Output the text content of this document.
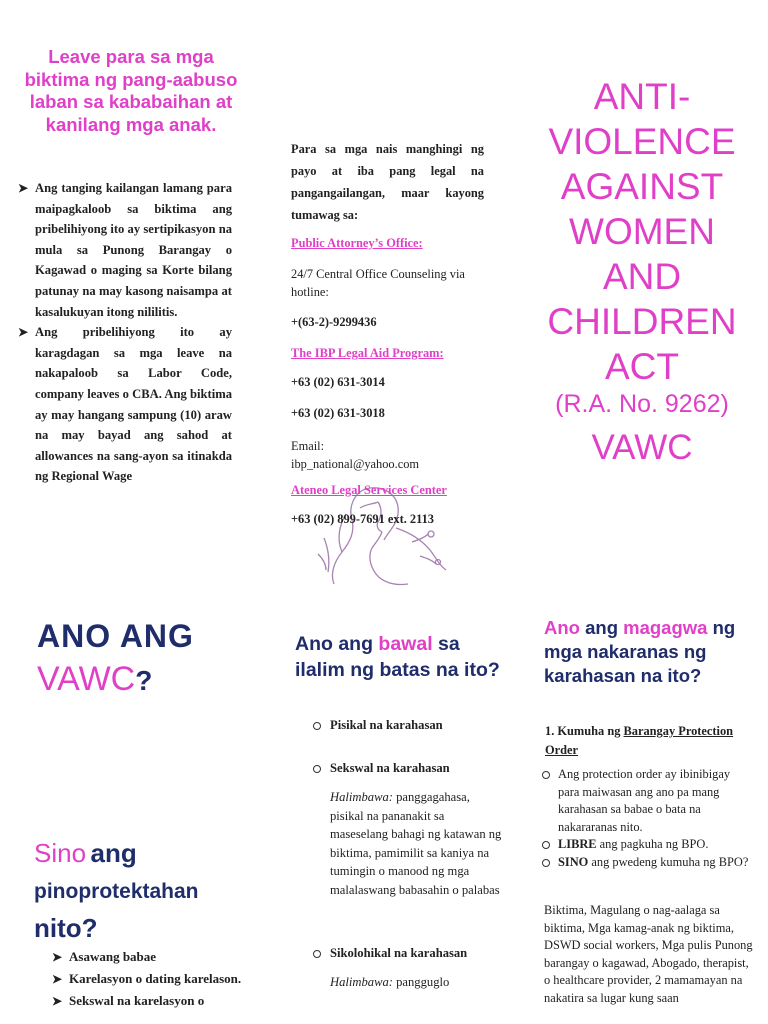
Leave para sa mga biktima ng pang-aabuso laban sa kababaihan at kanilang mga anak.
➤ Ang tanging kailangan lamang para maipagkaloob sa biktima ang pribelihiyong ito ay sertipikasyon na mula sa Punong Barangay o Kagawad o maging sa Korte bilang patunay na may kasong naisampa at kasalukuyan itong nililitis.
➤ Ang pribelihiyong ito ay karagdagan sa mga leave na nakapaloob sa Labor Code, company leaves o CBA. Ang biktima ay may hangang sampung (10) araw na may bayad ang sahod at allowances na sang-ayon sa itinakda ng Regional Wage

Para sa mga nais manghingi ng payo at iba pang legal na pangangailangan, maar kayong tumawag sa:

Public Attorney’s Office:

24/7 Central Office Counseling via hotline:

+(63-2)-9299436

The IBP Legal Aid Program:

+63 (02) 631-3014

+63 (02) 631-3018

Email:
ibp_national@yahoo.com

Ateneo Legal Services Center

+63 (02) 899-7691 ext. 2113

ANTI-VIOLENCE AGAINST WOMEN AND CHILDREN ACT
(R.A. No. 9262)
VAWC
ANO ANG
VAWC?
Sino ang
pinoprotektahan
nito?
➤ Asawang babae
➤ Karelasyon o dating karelason.
➤ Sekswal na karelasyon o
Ano ang bawal sa ilalim ng batas na ito?
Pisikal na karahasan
Sekswal na karahasan
Halimbawa: panggagahasa, pisikal na pananakit sa maseselang bahagi ng katawan ng biktima, pamimilit sa kaniya na tumingin o manood ng mga malalaswang babasahin o palabas
Sikolohikal na karahasan
Halimbawa: pangguglo
Ano ang magagwa ng mga nakaranas ng karahasan na ito?
1. Kumuha ng Barangay Protection Order
Ang protection order ay ibinibigay para maiwasan ang ano pa mang karahasan sa babae o bata na nakararanas nito.
LIBRE ang pagkuha ng BPO.
SINO ang pwedeng kumuha ng BPO?
Biktima, Magulang o nag-aalaga sa biktima, Mga kamag-anak ng biktima, DSWD social workers, Mga pulis Punong barangay o kagawad, Abogado, therapist, o healthcare provider, 2 mamamayan na nakatira sa lugar kung saan
